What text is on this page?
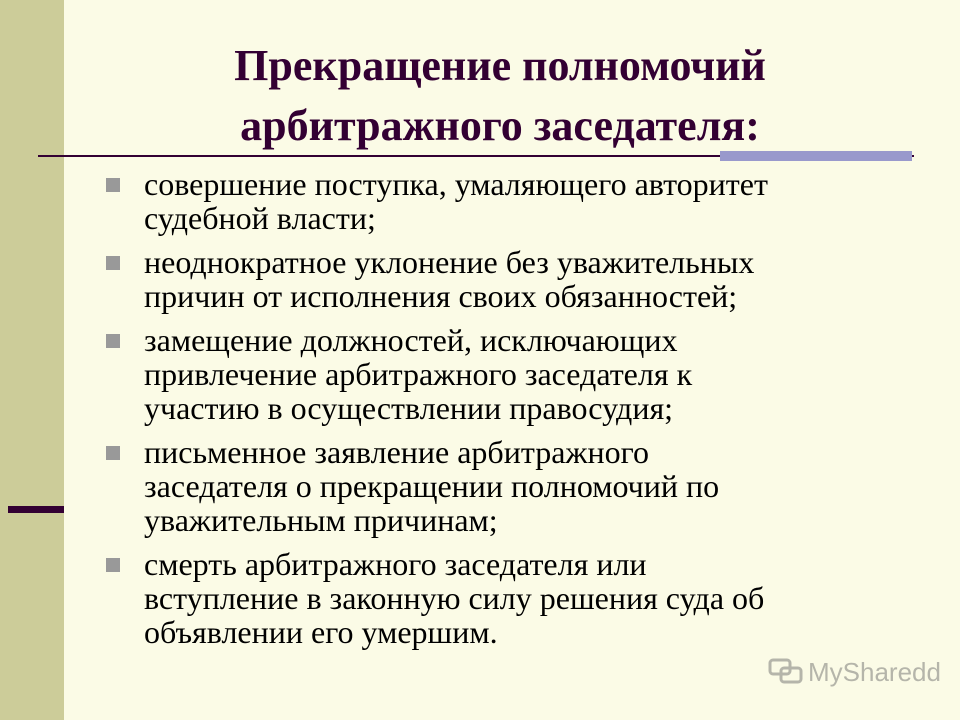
Прекращение полномочий
арбитражного заседателя:
совершение поступка, умаляющего авторитет
судебной власти;
неоднократное уклонение без уважительных
причин от исполнения своих обязанностей;
замещение должностей, исключающих
привлечение арбитражного заседателя к
участию в осуществлении правосудия;
письменное заявление арбитражного
заседателя о прекращении полномочий по
уважительным причинам;
смерть арбитражного заседателя или
вступление в законную силу решения суда об
объявлении его умершим.
MySharedd
